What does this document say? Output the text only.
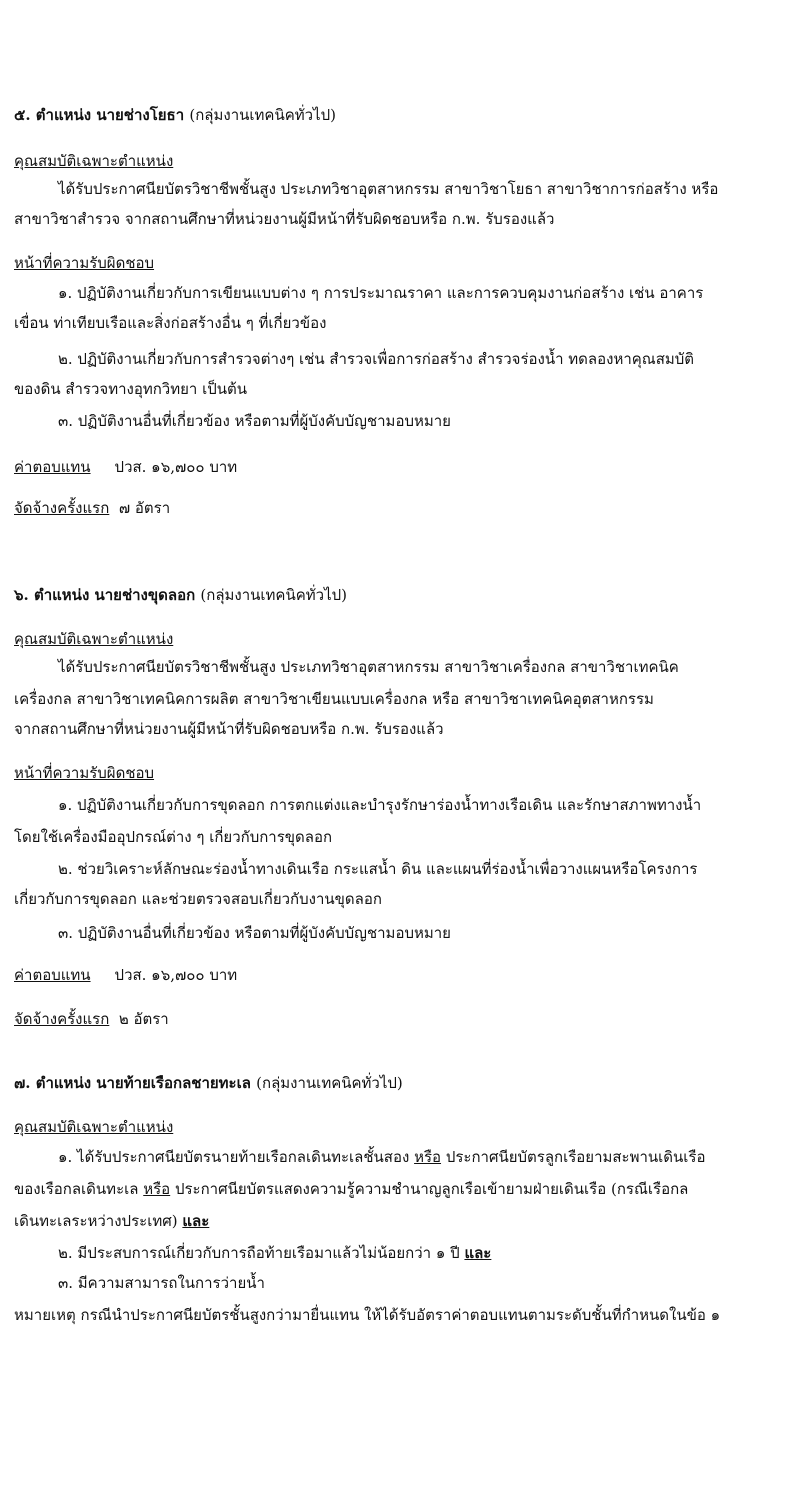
๕. ตำแหน่ง นายช่างโยธา (กลุ่มงานเทคนิคทั่วไป)
คุณสมบัติเฉพาะตำแหน่ง
ได้รับประกาศนียบัตรวิชาชีพชั้นสูง ประเภทวิชาอุตสาหกรรม สาขาวิชาโยธา สาขาวิชาการก่อสร้าง หรือ
สาขาวิชาสำรวจ จากสถานศึกษาที่หน่วยงานผู้มีหน้าที่รับผิดชอบหรือ ก.พ. รับรองแล้ว
หน้าที่ความรับผิดชอบ
๑. ปฏิบัติงานเกี่ยวกับการเขียนแบบต่าง ๆ การประมาณราคา และการควบคุมงานก่อสร้าง เช่น อาคาร
เขื่อน ท่าเทียบเรือและสิ่งก่อสร้างอื่น ๆ ที่เกี่ยวข้อง
๒. ปฏิบัติงานเกี่ยวกับการสำรวจต่างๆ เช่น สำรวจเพื่อการก่อสร้าง สำรวจร่องน้ำ ทดลองหาคุณสมบัติ
ของดิน สำรวจทางอุทกวิทยา เป็นต้น
๓. ปฏิบัติงานอื่นที่เกี่ยวข้อง หรือตามที่ผู้บังคับบัญชามอบหมาย
ค่าตอบแทน ปวส. ๑๖,๗๐๐ บาท
จัดจ้างครั้งแรก ๗ อัตรา
๖. ตำแหน่ง นายช่างขุดลอก (กลุ่มงานเทคนิคทั่วไป)
คุณสมบัติเฉพาะตำแหน่ง
ได้รับประกาศนียบัตรวิชาชีพชั้นสูง ประเภทวิชาอุตสาหกรรม สาขาวิชาเครื่องกล สาขาวิชาเทคนิค
เครื่องกล สาขาวิชาเทคนิคการผลิต สาขาวิชาเขียนแบบเครื่องกล หรือ สาขาวิชาเทคนิคอุตสาหกรรม
จากสถานศึกษาที่หน่วยงานผู้มีหน้าที่รับผิดชอบหรือ ก.พ. รับรองแล้ว
หน้าที่ความรับผิดชอบ
๑. ปฏิบัติงานเกี่ยวกับการขุดลอก การตกแต่งและบำรุงรักษาร่องน้ำทางเรือเดิน และรักษาสภาพทางน้ำ
โดยใช้เครื่องมืออุปกรณ์ต่าง ๆ เกี่ยวกับการขุดลอก
๒. ช่วยวิเคราะห์ลักษณะร่องน้ำทางเดินเรือ กระแสน้ำ ดิน และแผนที่ร่องน้ำเพื่อวางแผนหรือโครงการ
เกี่ยวกับการขุดลอก และช่วยตรวจสอบเกี่ยวกับงานขุดลอก
๓. ปฏิบัติงานอื่นที่เกี่ยวข้อง หรือตามที่ผู้บังคับบัญชามอบหมาย
ค่าตอบแทน ปวส. ๑๖,๗๐๐ บาท
จัดจ้างครั้งแรก ๒ อัตรา
๗. ตำแหน่ง นายท้ายเรือกลชายทะเล (กลุ่มงานเทคนิคทั่วไป)
คุณสมบัติเฉพาะตำแหน่ง
๑. ได้รับประกาศนียบัตรนายท้ายเรือกลเดินทะเลชั้นสอง หรือ ประกาศนียบัตรลูกเรือยามสะพานเดินเรือ
ของเรือกลเดินทะเล หรือ ประกาศนียบัตรแสดงความรู้ความชำนาญลูกเรือเข้ายามฝ่ายเดินเรือ (กรณีเรือกล
เดินทะเลระหว่างประเทศ) และ
๒. มีประสบการณ์เกี่ยวกับการถือท้ายเรือมาแล้วไม่น้อยกว่า ๑ ปี และ
๓. มีความสามารถในการว่ายน้ำ
หมายเหตุ กรณีนำประกาศนียบัตรชั้นสูงกว่ามายื่นแทน ให้ได้รับอัตราค่าตอบแทนตามระดับชั้นที่กำหนดในข้อ ๑
